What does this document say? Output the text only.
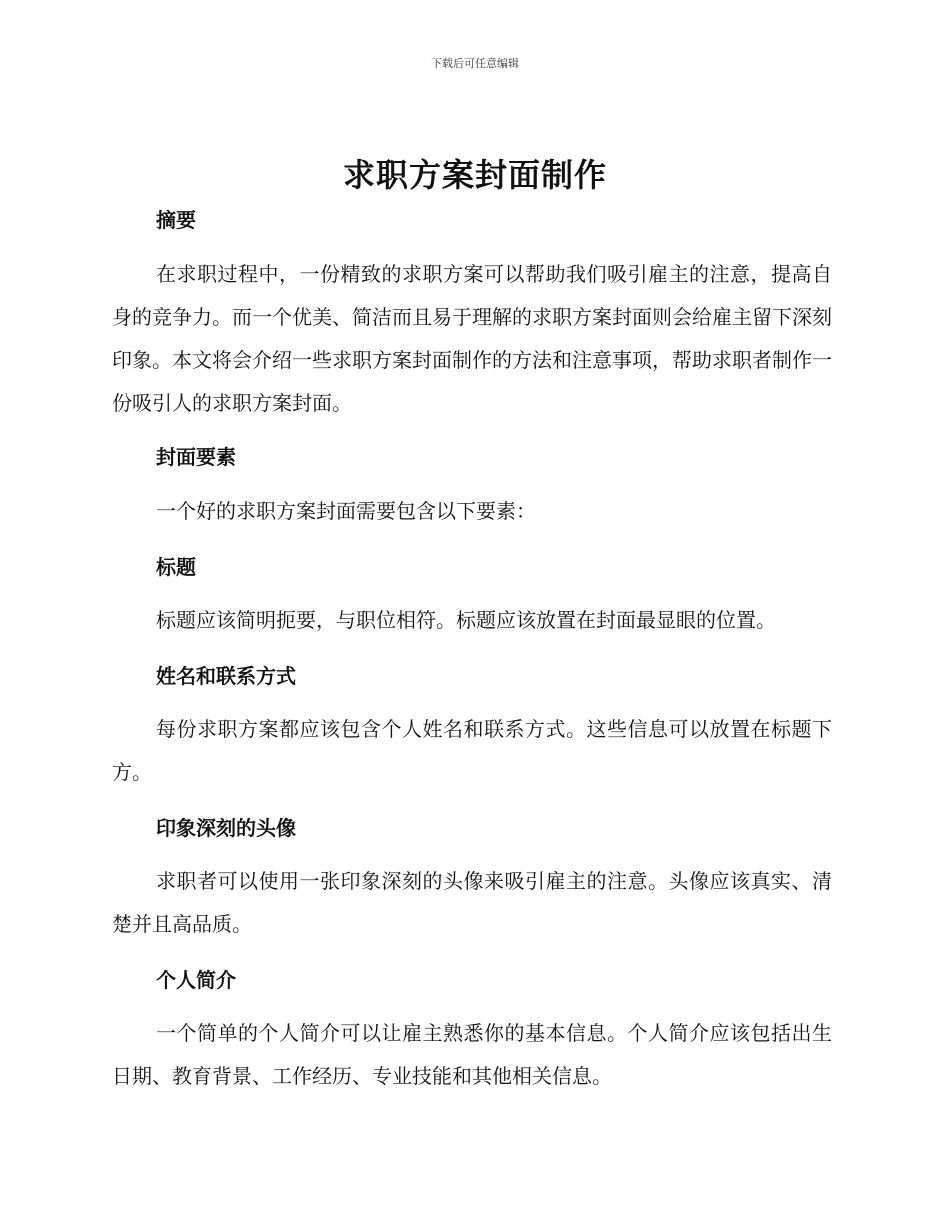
下载后可任意编辑
求职方案封面制作
摘要
在求职过程中，一份精致的求职方案可以帮助我们吸引雇主的注意，提高自身的竞争力。而一个优美、简洁而且易于理解的求职方案封面则会给雇主留下深刻印象。本文将会介绍一些求职方案封面制作的方法和注意事项，帮助求职者制作一份吸引人的求职方案封面。
封面要素
一个好的求职方案封面需要包含以下要素：
标题
标题应该简明扼要，与职位相符。标题应该放置在封面最显眼的位置。
姓名和联系方式
每份求职方案都应该包含个人姓名和联系方式。这些信息可以放置在标题下方。
印象深刻的头像
求职者可以使用一张印象深刻的头像来吸引雇主的注意。头像应该真实、清楚并且高品质。
个人简介
一个简单的个人简介可以让雇主熟悉你的基本信息。个人简介应该包括出生日期、教育背景、工作经历、专业技能和其他相关信息。
